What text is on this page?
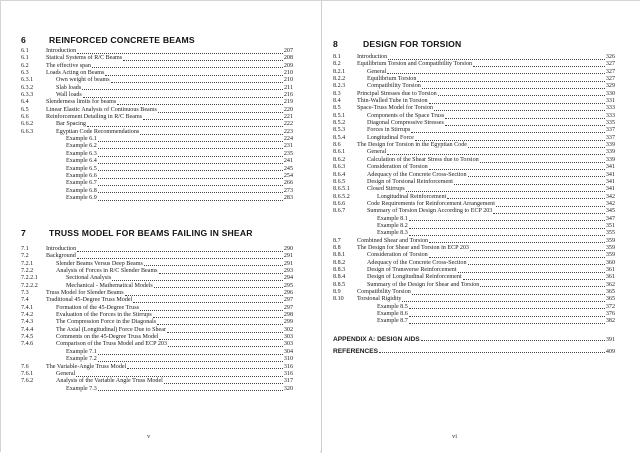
6	REINFORCED CONCRETE BEAMS
6.1	Introduction	207
6.1	Statical Systems of R/C Beams	208
6.2	The effective span	209
6.3	Loads Acting on Beams	210
6.3.1	Own weight of beams	210
6.3.2	Slab loads	211
6.3.3	Wall loads	216
6.4	Slenderness limits for beams	219
6.5	Linear Elastic Analysis of Continuous Beams	220
6.6	Reinforcement Detailing in R/C Beams	221
6.6.2	Bar Spacing	222
6.6.3	Egyptian Code Recommendations	223
Example 6.1	224
Example 6.2	231
Example 6.3	235
Example 6.4	241
Example 6.5	245
Example 6.6	254
Example 6.7	266
Example 6.8	273
Example 6.9	283
7	TRUSS MODEL FOR BEAMS FAILING IN SHEAR
7.1	Introduction	290
7.2	Background	291
7.2.1	Slender Beams Versus Deep Beams	291
7.2.2	Analysis of Forces in R/C Slender Beams	293
7.2.2.1	Sectional Analysis	294
7.2.2.2	Mechanical - Mathematical Models	295
7.3	Truss Model for Slender Beams	296
7.4	Traditional 45-Degree Truss Model	297
7.4.1	Formation of the 45-Degree Truss	297
7.4.2	Evaluation of the Forces in the Stirrups	298
7.4.3	The Compression Force in the Diagonals	299
7.4.4	The Axial (Longitudinal) Force Due to Shear	302
7.4.5	Comments on the 45-Degree Truss Model	303
7.4.6	Comparison of the Truss Model and ECP 203	303
Example 7.1	304
Example 7.2	310
7.6	The Variable-Angle Truss Model	316
7.6.1	General	316
7.6.2	Analysis of the Variable Angle Truss Model	317
Example 7.3	320
v
8	DESIGN FOR TORSION
8.1	Introduction	326
8.2	Equilibrium Torsion and Compatibility Torsion	327
8.2.1	General	327
8.2.2	Equilibrium Torsion	327
8.2.3	Compatibility Torsion	329
8.3	Principal Stresses due to Torsion	330
8.4	Thin-Walled Tube in Torsion	331
8.5	Space-Truss Model for Torsion	333
8.5.1	Components of the Space Truss	333
8.5.2	Diagonal Compressive Stresses	335
8.5.3	Forces in Stirrups	337
8.5.4	Longitudinal Force	337
8.6	The Design for Torsion in the Egyptian Code	339
8.6.1	General	339
8.6.2	Calculation of the Shear Stress due to Torsion	339
8.6.3	Consideration of Torsion	341
8.6.4	Adequacy of the Concrete Cross-Section	341
8.6.5	Design of Torsional Reinforcement	341
8.6.5.1	Closed Stirrups	341
8.6.5.2	Longitudinal Reinforcement	342
8.6.6	Code Requirements for Reinforcement Arrangement	342
8.6.7	Summary of Torsion Design According to ECP 203	345
Example 8.1	347
Example 8.2	351
Example 8.3	355
8.7	Combined Shear and Torsion	359
8.8	The Design for Shear and Torsion in ECP 203	359
8.8.1	Consideration of Torsion	359
8.8.2	Adequacy of the Concrete Cross-Section	360
8.8.3	Design of Transverse Reinforcement	361
8.8.4	Design of Longitudinal Reinforcement	361
8.8.5	Summary of the Design for Shear and Torsion	362
8.9	Compatibility Torsion	365
8.10	Torsional Rigidity	365
Example 8.5	372
Example 8.6	376
Example 8.7	382
APPENDIX A: DESIGN AIDS	391
REFERENCES	409
vi
